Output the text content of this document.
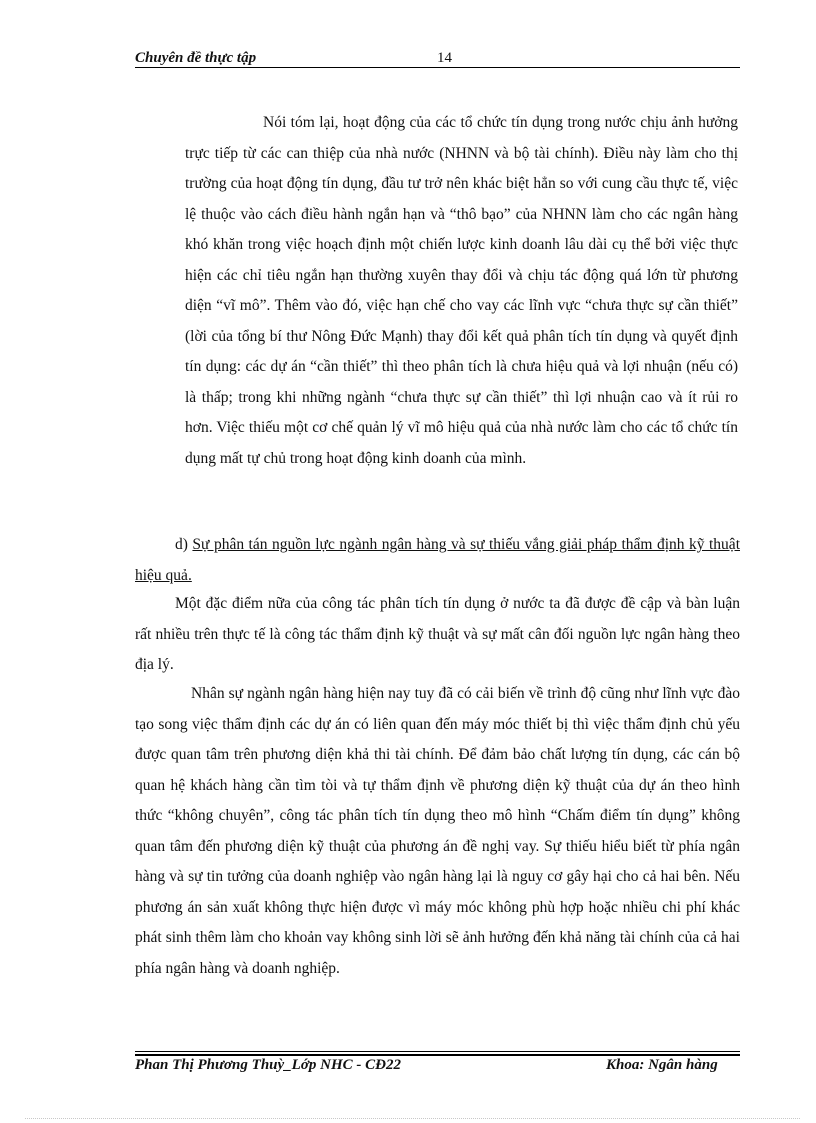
Chuyên đề thực tập	14

Nói tóm lại, hoạt động của các tổ chức tín dụng trong nước chịu ảnh hưởng trực tiếp từ các can thiệp của nhà nước (NHNN và bộ tài chính). Điều này làm cho thị trường của hoạt động tín dụng, đầu tư trở nên khác biệt hẳn so với cung cầu thực tế, việc lệ thuộc vào cách điều hành ngắn hạn và “thô bạo” của NHNN làm cho các ngân hàng khó khăn trong việc hoạch định một chiến lược kinh doanh lâu dài cụ thể bởi việc thực hiện các chỉ tiêu ngắn hạn thường xuyên thay đổi và chịu tác động quá lớn từ phương diện “vĩ mô”. Thêm vào đó, việc hạn chế cho vay các lĩnh vực “chưa thực sự cần thiết” (lời của tổng bí thư Nông Đức Mạnh) thay đổi kết quả phân tích tín dụng và quyết định tín dụng: các dự án “cần thiết” thì theo phân tích là chưa hiệu quả và lợi nhuận (nếu có) là thấp; trong khi những ngành “chưa thực sự cần thiết” thì lợi nhuận cao và ít rủi ro hơn. Việc thiếu một cơ chế quản lý vĩ mô hiệu quả của nhà nước làm cho các tổ chức tín dụng mất tự chủ trong hoạt động kinh doanh của mình.

d) Sự phân tán nguồn lực ngành ngân hàng và sự thiếu vắng giải pháp thẩm định kỹ thuật hiệu quả.

Một đặc điểm nữa của công tác phân tích tín dụng ở nước ta đã được đề cập và bàn luận rất nhiều trên thực tế là công tác thẩm định kỹ thuật và sự mất cân đối nguồn lực ngân hàng theo địa lý.

Nhân sự ngành ngân hàng hiện nay tuy đã có cải biến về trình độ cũng như lĩnh vực đào tạo song việc thẩm định các dự án có liên quan đến máy móc thiết bị thì việc thẩm định chủ yếu được quan tâm trên phương diện khả thi tài chính. Để đảm bảo chất lượng tín dụng, các cán bộ quan hệ khách hàng cần tìm tòi và tự thẩm định về phương diện kỹ thuật của dự án theo hình thức “không chuyên”, công tác phân tích tín dụng theo mô hình “Chấm điểm tín dụng” không quan tâm đến phương diện kỹ thuật của phương án đề nghị vay. Sự thiếu hiểu biết từ phía ngân hàng và sự tin tưởng của doanh nghiệp vào ngân hàng lại là nguy cơ gây hại cho cả hai bên. Nếu phương án sản xuất không thực hiện được vì máy móc không phù hợp hoặc nhiều chi phí khác phát sinh thêm làm cho khoản vay không sinh lời sẽ ảnh hưởng đến khả năng tài chính của cả hai phía ngân hàng và doanh nghiệp.

Phan Thị Phương Thuỳ_Lớp NHC - CĐ22	Khoa: Ngân hàng
